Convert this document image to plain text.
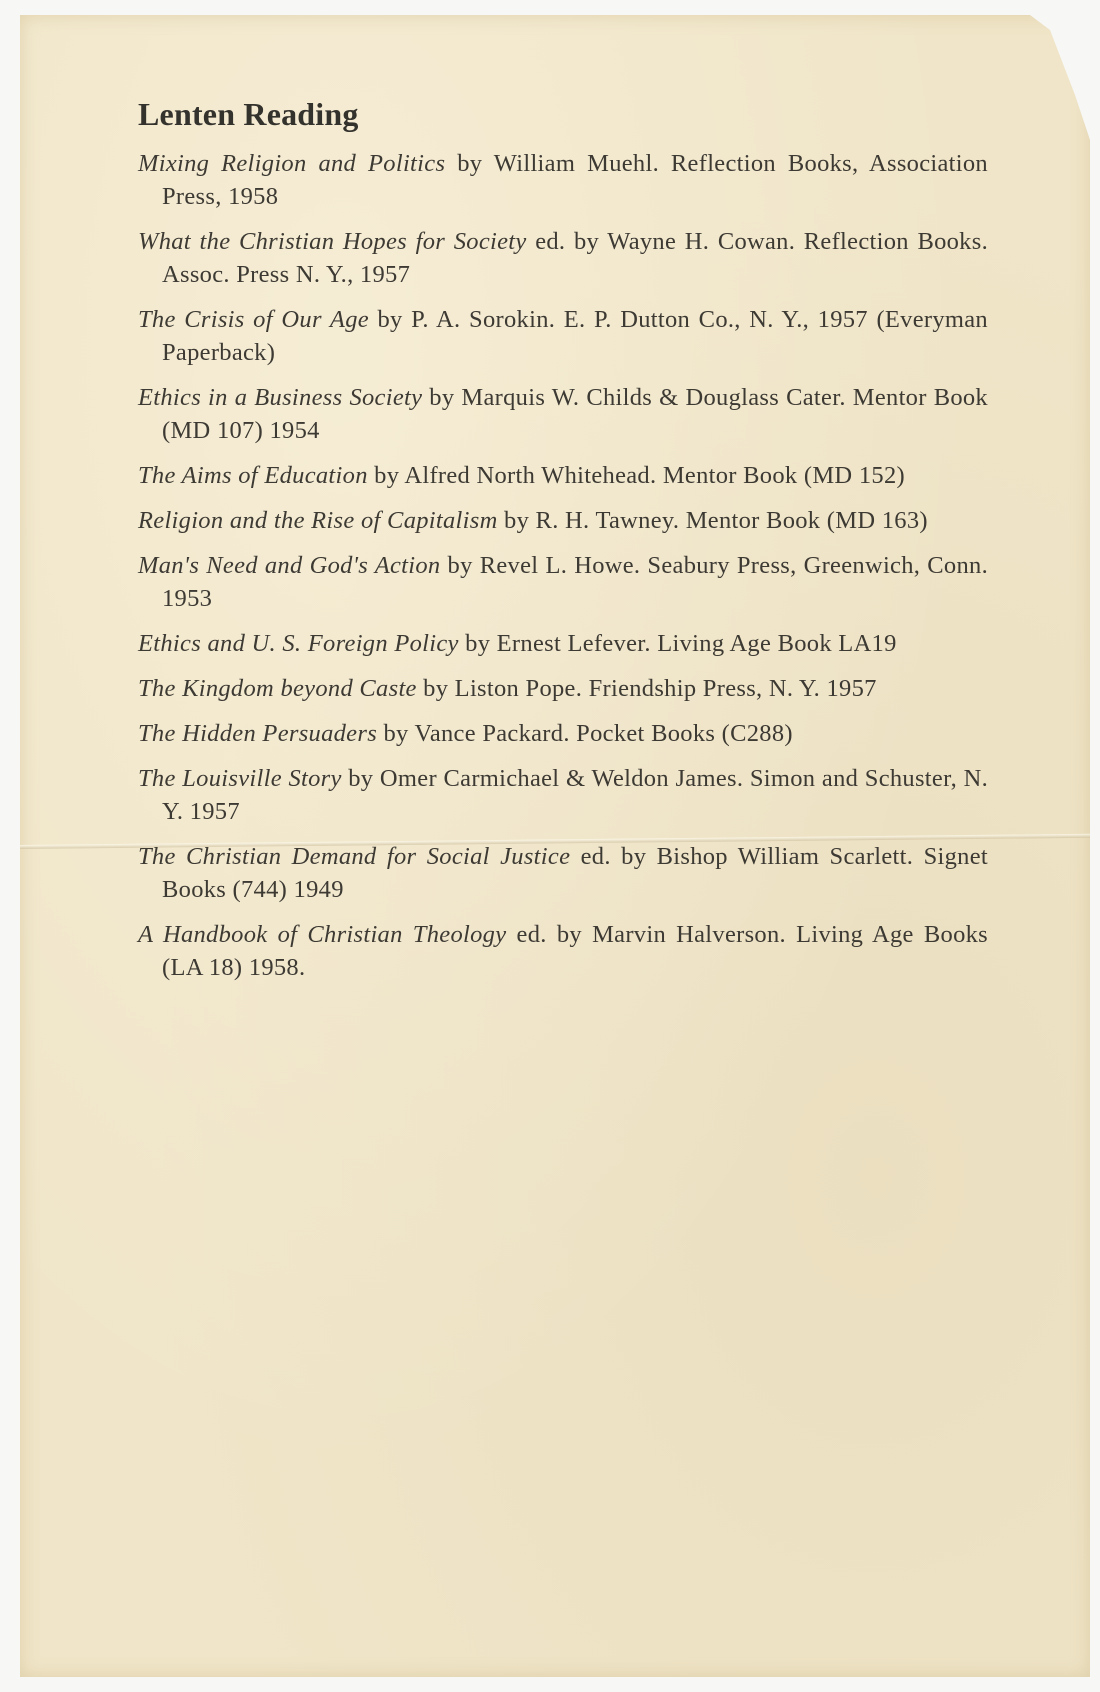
Lenten Reading
Mixing Religion and Politics by William Muehl. Reflection Books, Association Press, 1958
What the Christian Hopes for Society ed. by Wayne H. Cowan. Reflection Books. Assoc. Press N. Y., 1957
The Crisis of Our Age by P. A. Sorokin. E. P. Dutton Co., N. Y., 1957 (Everyman Paperback)
Ethics in a Business Society by Marquis W. Childs & Douglass Cater. Mentor Book (MD 107) 1954
The Aims of Education by Alfred North Whitehead. Mentor Book (MD 152)
Religion and the Rise of Capitalism by R. H. Tawney. Mentor Book (MD 163)
Man's Need and God's Action by Revel L. Howe. Seabury Press, Greenwich, Conn. 1953
Ethics and U. S. Foreign Policy by Ernest Lefever. Living Age Book LA19
The Kingdom beyond Caste by Liston Pope. Friendship Press, N. Y. 1957
The Hidden Persuaders by Vance Packard. Pocket Books (C288)
The Louisville Story by Omer Carmichael & Weldon James. Simon and Schuster, N. Y. 1957
The Christian Demand for Social Justice ed. by Bishop William Scarlett. Signet Books (744) 1949
A Handbook of Christian Theology ed. by Marvin Halverson. Living Age Books (LA 18) 1958.
